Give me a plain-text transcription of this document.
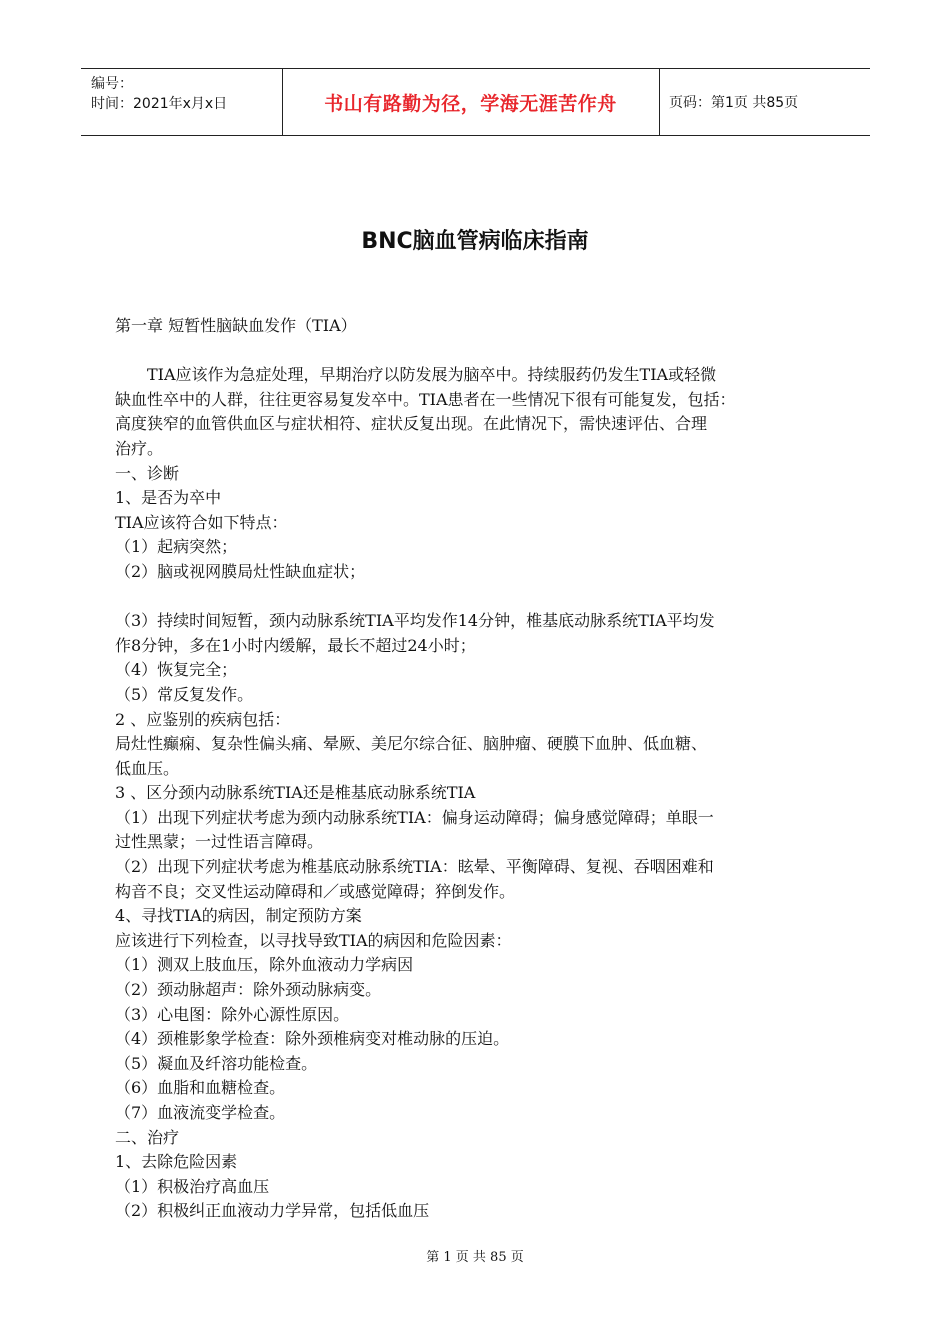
编号：
时间：2021年x月x日	书山有路勤为径，学海无涯苦作舟	页码：第1页 共85页
BNC脑血管病临床指南
第一章 短暂性脑缺血发作（TIA）
　　TIA应该作为急症处理，早期治疗以防发展为脑卒中。持续服药仍发生TIA或轻微
缺血性卒中的人群，往往更容易复发卒中。TIA患者在一些情况下很有可能复发，包括：
高度狭窄的血管供血区与症状相符、症状反复出现。在此情况下，需快速评估、合理
治疗。
一、诊断
1、是否为卒中
TIA应该符合如下特点：
（1）起病突然；
（2）脑或视网膜局灶性缺血症状；
（3）持续时间短暂，颈内动脉系统TIA平均发作14分钟，椎基底动脉系统TIA平均发
作8分钟，多在1小时内缓解，最长不超过24小时；
（4）恢复完全；
（5）常反复发作。
2 、应鉴别的疾病包括：
局灶性癫痫、复杂性偏头痛、晕厥、美尼尔综合征、脑肿瘤、硬膜下血肿、低血糖、
低血压。
3 、区分颈内动脉系统TIA还是椎基底动脉系统TIA
（1）出现下列症状考虑为颈内动脉系统TIA：偏身运动障碍；偏身感觉障碍；单眼一
过性黑蒙；一过性语言障碍。
（2）出现下列症状考虑为椎基底动脉系统TIA：眩晕、平衡障碍、复视、吞咽困难和
构音不良；交叉性运动障碍和／或感觉障碍；猝倒发作。
4、寻找TIA的病因，制定预防方案
应该进行下列检查，以寻找导致TIA的病因和危险因素：
（1）测双上肢血压，除外血液动力学病因
（2）颈动脉超声：除外颈动脉病变。
（3）心电图：除外心源性原因。
（4）颈椎影象学检查：除外颈椎病变对椎动脉的压迫。
（5）凝血及纤溶功能检查。
（6）血脂和血糖检查。
（7）血液流变学检查。
二、治疗
1、去除危险因素
（1）积极治疗高血压
（2）积极纠正血液动力学异常，包括低血压
第 1 页 共 85 页
